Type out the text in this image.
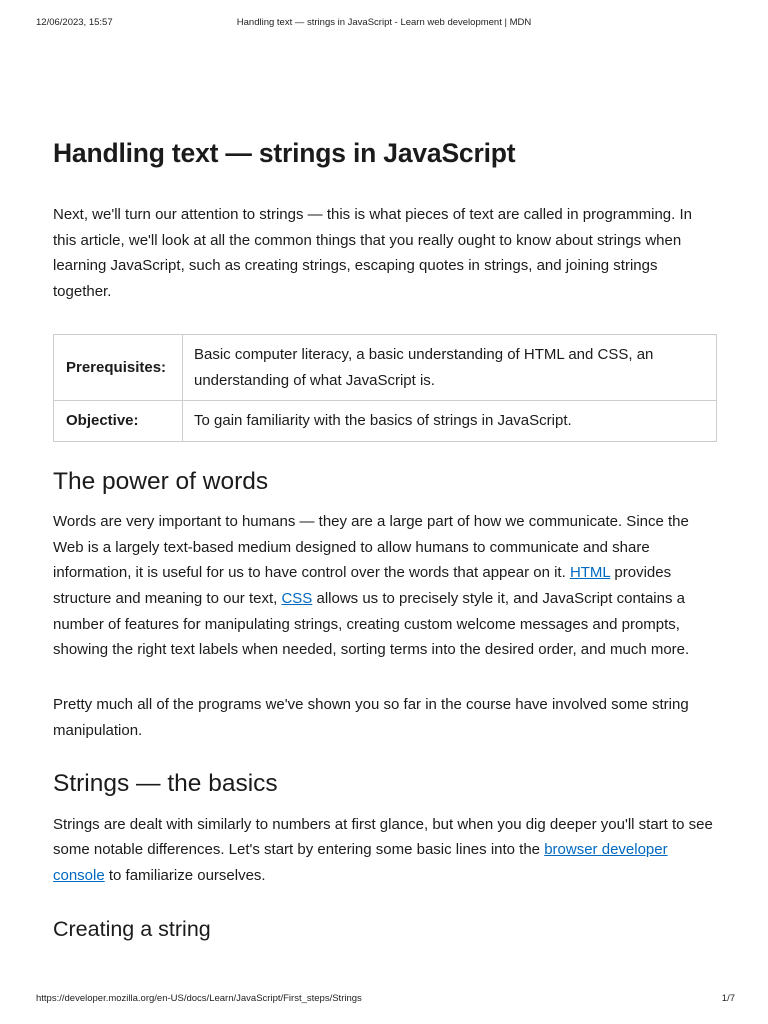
12/06/2023, 15:57	Handling text — strings in JavaScript - Learn web development | MDN
Handling text — strings in JavaScript

Next, we'll turn our attention to strings — this is what pieces of text are called in programming. In this article, we'll look at all the common things that you really ought to know about strings when learning JavaScript, such as creating strings, escaping quotes in strings, and joining strings together.

Prerequisites:	Basic computer literacy, a basic understanding of HTML and CSS, an understanding of what JavaScript is.
Objective:	To gain familiarity with the basics of strings in JavaScript.
The power of words

Words are very important to humans — they are a large part of how we communicate. Since the Web is a largely text-based medium designed to allow humans to communicate and share information, it is useful for us to have control over the words that appear on it. HTML provides structure and meaning to our text, CSS allows us to precisely style it, and JavaScript contains a number of features for manipulating strings, creating custom welcome messages and prompts, showing the right text labels when needed, sorting terms into the desired order, and much more.

Pretty much all of the programs we've shown you so far in the course have involved some string manipulation.

Strings — the basics

Strings are dealt with similarly to numbers at first glance, but when you dig deeper you'll start to see some notable differences. Let's start by entering some basic lines into the browser developer console to familiarize ourselves.

Creating a string
https://developer.mozilla.org/en-US/docs/Learn/JavaScript/First_steps/Strings	1/7
